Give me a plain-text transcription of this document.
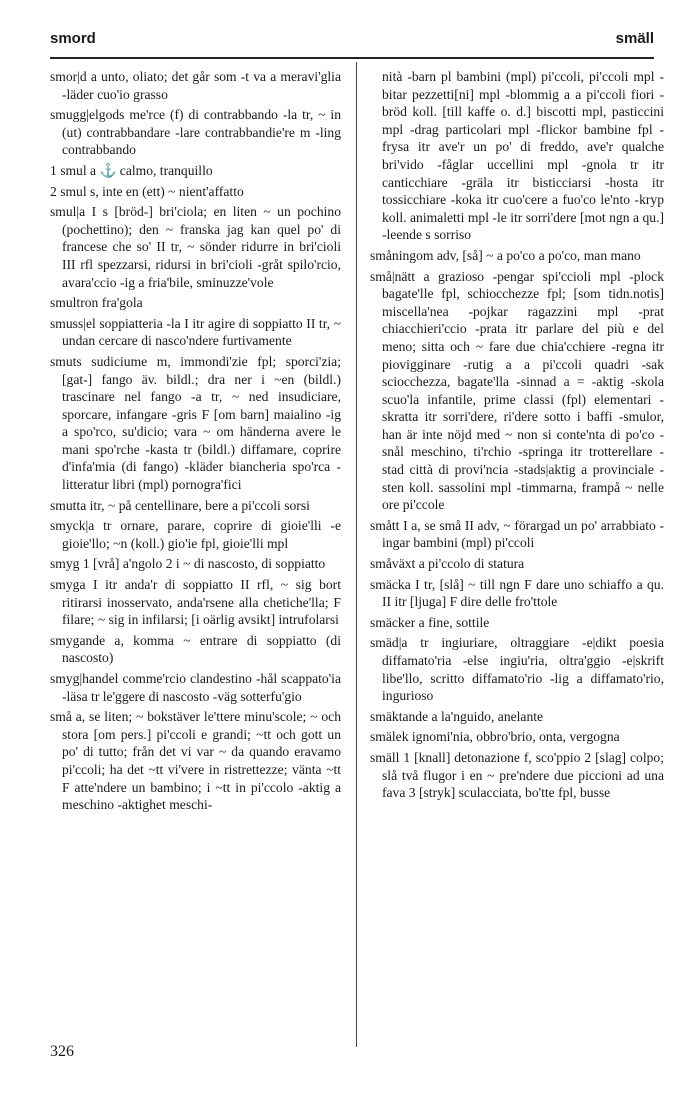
smord	smäll

smor|d a unto, oliato; det går som -t va a meravi'glia -läder cuo'io grasso

smugg|elgods me'rce (f) di contrabbando -la tr, ~ in (ut) contrabbandare -lare contrabbandie're m -ling contrabbando

1 smul a ⚓ calmo, tranquillo

2 smul s, inte en (ett) ~ nient'affatto

smul|a I s [bröd-] bri'ciola; en liten ~ un pochino (pochettino); den ~ franska jag kan quel po' di francese che so' II tr, ~ sönder ridurre in bri'cioli III rfl spezzarsi, ridursi in bri'cioli -gråt spilo'rcio, avara'ccio -ig a fria'bile, sminuzze'vole

smultron fra'gola

smuss|el soppiatteria -la I itr agire di soppiatto II tr, ~ undan cercare di nasco'ndere furtivamente

smuts sudiciume m, immondi'zie fpl; sporci'zia; [gat-] fango äv. bildl.; dra ner i ~en (bildl.) trascinare nel fango -a tr, ~ ned insudiciare, sporcare, infangare -gris F [om barn] maialino -ig a spo'rco, su'dicio; vara ~ om händerna avere le mani spo'rche -kasta tr (bildl.) diffamare, coprire d'infa'mia (di fango) -kläder biancheria spo'rca -litteratur libri (mpl) pornogra'fici

smutta itr, ~ på centellinare, bere a pi'ccoli sorsi

smyck|a tr ornare, parare, coprire di gioie'lli -e gioie'llo; ~n (koll.) gio'ie fpl, gioie'lli mpl

smyg 1 [vrå] a'ngolo 2 i ~ di nascosto, di soppiatto

smyga I itr anda'r di soppiatto II rfl, ~ sig bort ritirarsi inosservato, anda'rsene alla chetiche'lla; F filare; ~ sig in infilarsi; [i oärlig avsikt] intrufolarsi

smygande a, komma ~ entrare di soppiatto (di nascosto)

smyg|handel comme'rcio clandestino -hål scappato'ia -läsa tr le'ggere di nascosto -väg sotterfu'gio

små a, se liten; ~ bokstäver le'ttere minu'scole; ~ och stora [om pers.] pi'ccoli e grandi; ~tt och gott un po' di tutto; från det vi var ~ da quando eravamo pi'ccoli; ha det ~tt vi'vere in ristrettezze; vänta ~tt F atte'ndere un bambino; i ~tt in pi'ccolo -aktig a meschino -aktighet meschi-

nità -barn pl bambini (mpl) pi'ccoli, pi'ccoli mpl -bitar pezzetti[ni] mpl -blommig a a pi'ccoli fiori -bröd koll. [till kaffe o. d.] biscotti mpl, pasticcini mpl -drag particolari mpl -flickor bambine fpl -frysa itr ave'r un po' di freddo, ave'r qualche bri'vido -fåglar uccellini mpl -gnola tr itr canticchiare -gräla itr bisticciarsi -hosta itr tossicchiare -koka itr cuo'cere a fuo'co le'nto -kryp koll. animaletti mpl -le itr sorri'dere [mot ngn a qu.] -leende s sorriso

småningom adv, [så] ~ a po'co a po'co, man mano

små|nätt a grazioso -pengar spi'ccioli mpl -plock bagate'lle fpl, schiocchezze fpl; [som tidn.notis] miscella'nea -pojkar ragazzini mpl -prat chiacchieri'ccio -prata itr parlare del più e del meno; sitta och ~ fare due chia'cchiere -regna itr piovigginare -rutig a a pi'ccoli quadri -sak sciocchezza, bagate'lla -sinnad a = -aktig -skola scuo'la infantile, prime classi (fpl) elementari -skratta itr sorri'dere, ri'dere sotto i baffi -smulor, han är inte nöjd med ~ non si conte'nta di po'co -snål meschino, ti'rchio -springa itr trotterellare -stad città di provi'ncia -stads|aktig a provinciale -sten koll. sassolini mpl -timmarna, frampå ~ nelle ore pi'ccole

smått I a, se små II adv, ~ förargad un po' arrabbiato -ingar bambini (mpl) pi'ccoli

småväxt a pi'ccolo di statura

smäcka I tr, [slå] ~ till ngn F dare uno schiaffo a qu. II itr [ljuga] F dire delle fro'ttole

smäcker a fine, sottile

smäd|a tr ingiuriare, oltraggiare -e|dikt poesia diffamato'ria -else ingiu'ria, oltra'ggio -e|skrift libe'llo, scritto diffamato'rio -lig a diffamato'rio, ingurioso

smäktande a la'nguido, anelante

smälek ignomi'nia, obbro'brio, onta, vergogna

smäll 1 [knall] detonazione f, sco'ppio 2 [slag] colpo; slå två flugor i en ~ pre'ndere due piccioni ad una fava 3 [stryk] sculacciata, bo'tte fpl, busse

326
